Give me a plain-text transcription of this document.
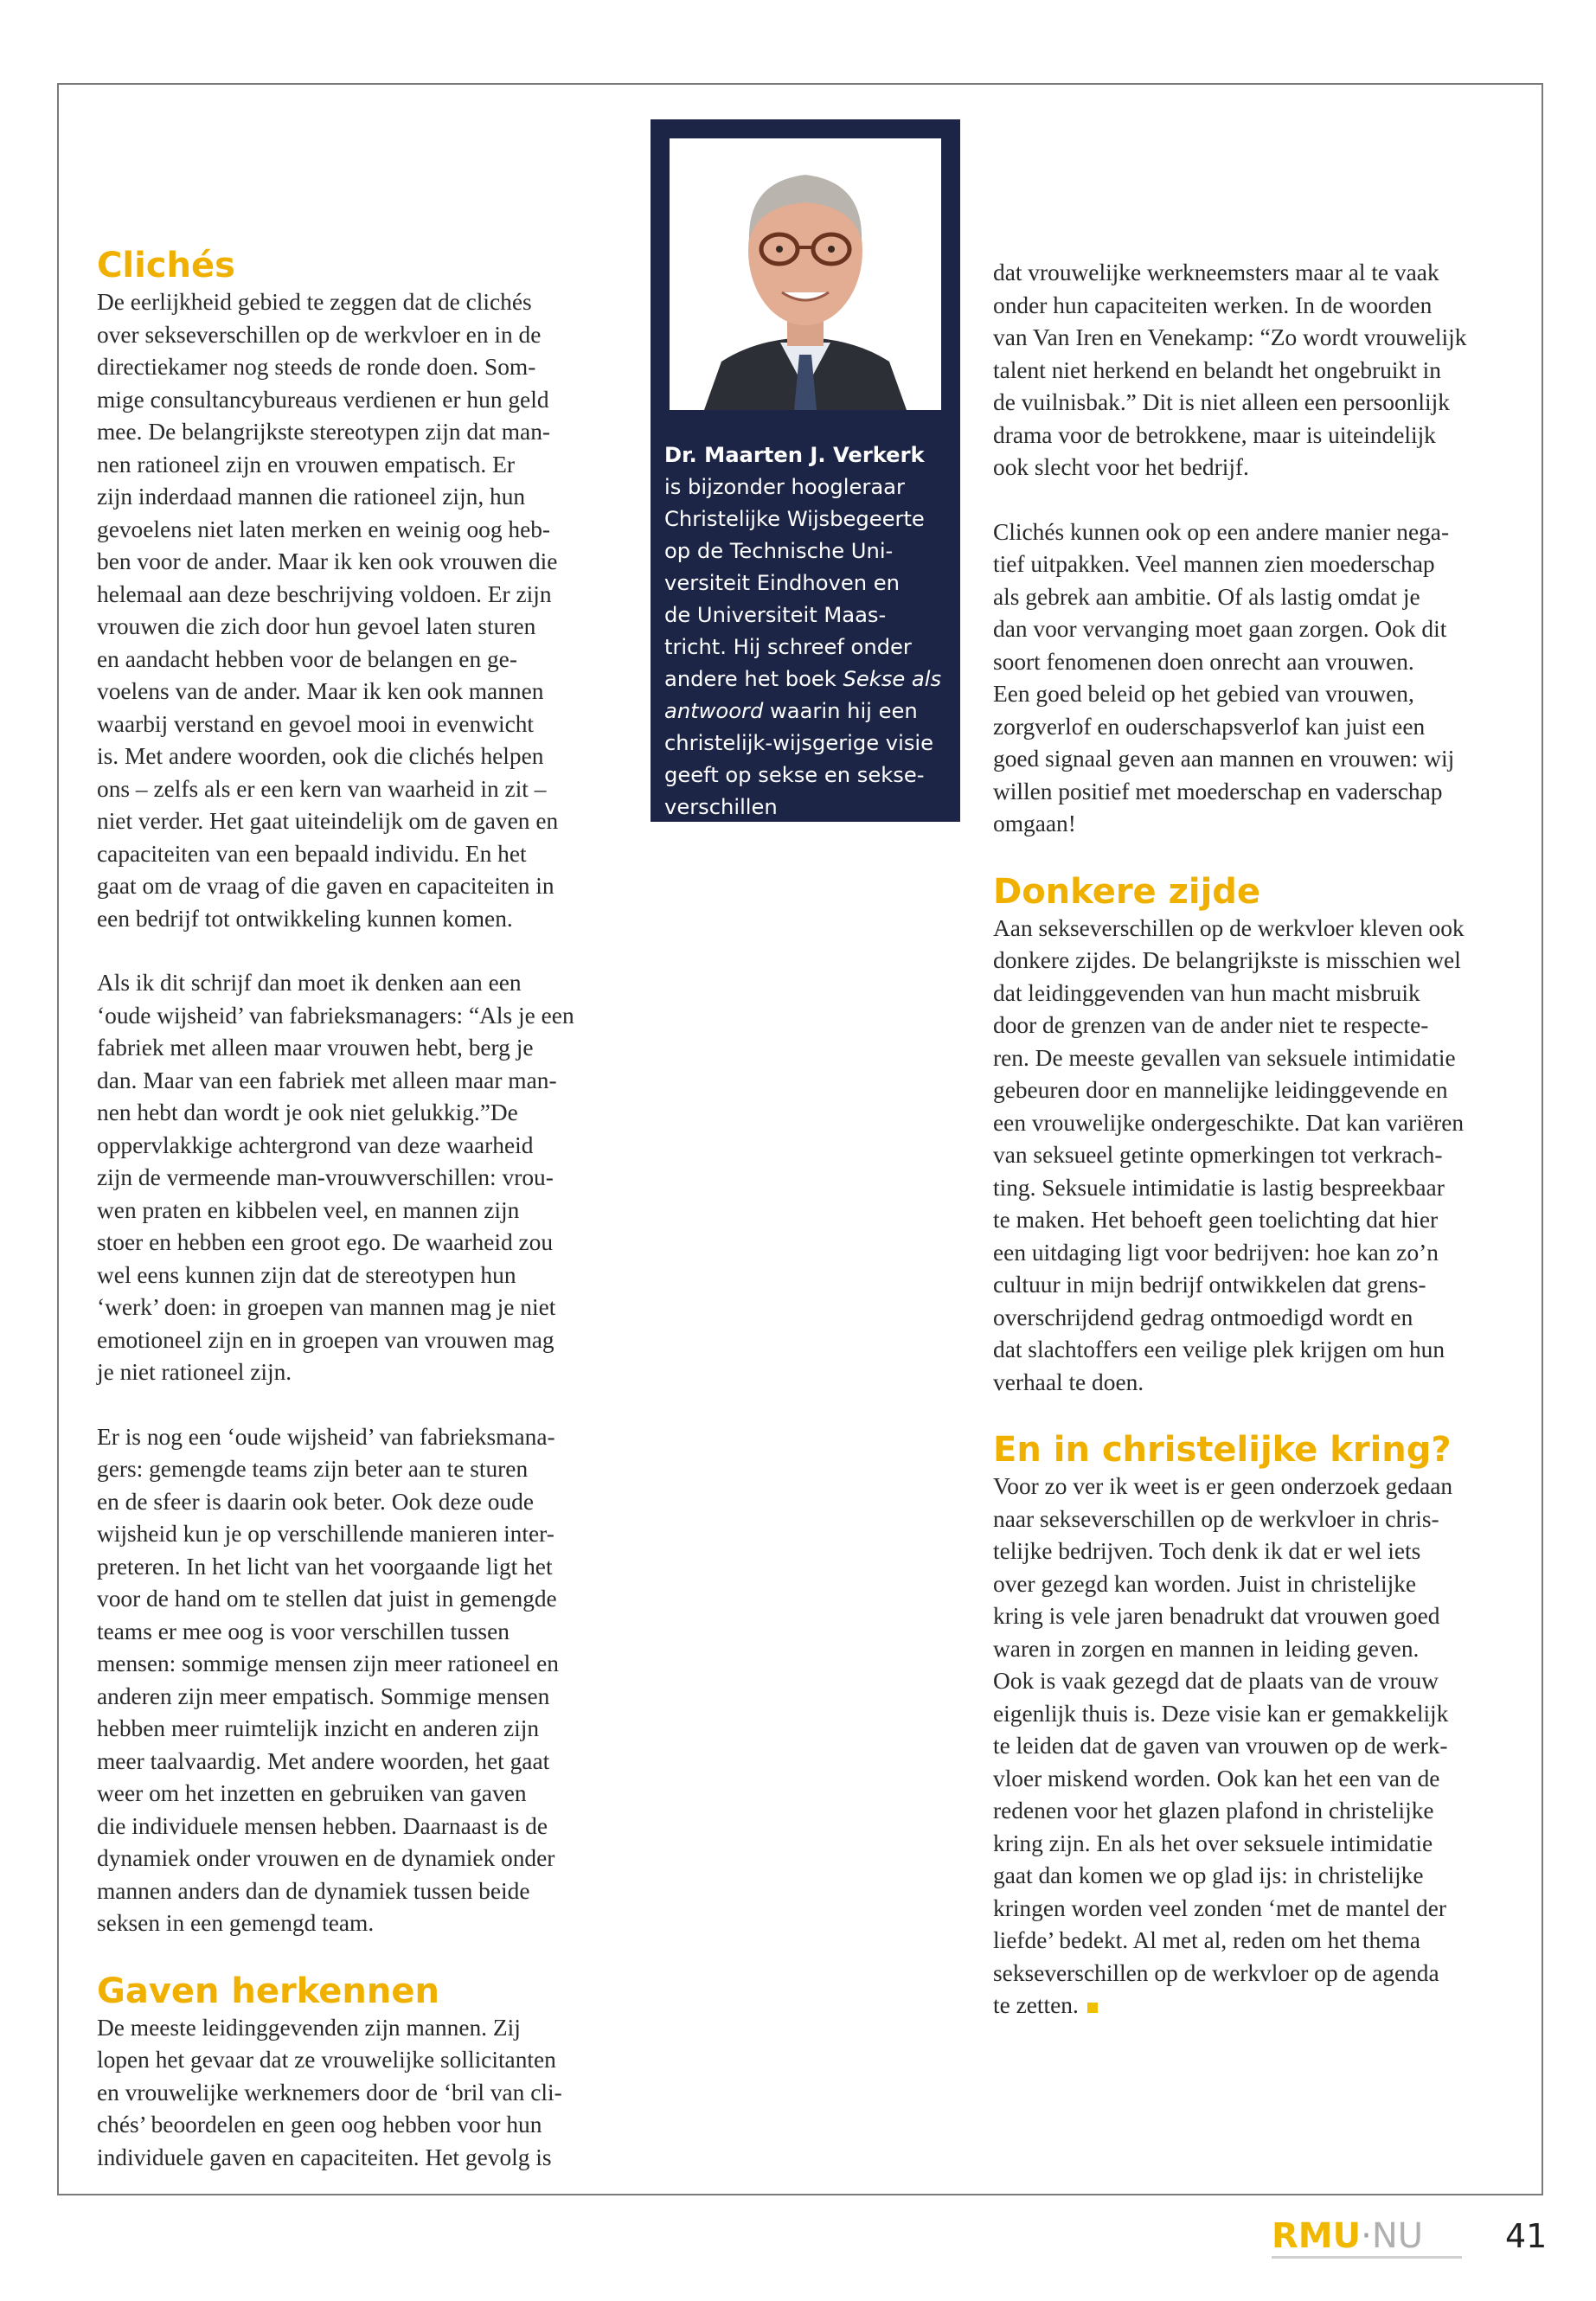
Clichés

De eerlijkheid gebied te zeggen dat de clichés
over sekseverschillen op de werkvloer en in de
directiekamer nog steeds de ronde doen. Som-
mige consultancybureaus verdienen er hun geld
mee. De belangrijkste stereotypen zijn dat man-
nen rationeel zijn en vrouwen empatisch. Er
zijn inderdaad mannen die rationeel zijn, hun
gevoelens niet laten merken en weinig oog heb-
ben voor de ander. Maar ik ken ook vrouwen die
helemaal aan deze beschrijving voldoen. Er zijn
vrouwen die zich door hun gevoel laten sturen
en aandacht hebben voor de belangen en ge-
voelens van de ander. Maar ik ken ook mannen
waarbij verstand en gevoel mooi in evenwicht
is. Met andere woorden, ook die clichés helpen
ons – zelfs als er een kern van waarheid in zit –
niet verder. Het gaat uiteindelijk om de gaven en
capaciteiten van een bepaald individu. En het
gaat om de vraag of die gaven en capaciteiten in
een bedrijf tot ontwikkeling kunnen komen.

Als ik dit schrijf dan moet ik denken aan een
‘oude wijsheid’ van fabrieksmanagers: “Als je een
fabriek met alleen maar vrouwen hebt, berg je
dan. Maar van een fabriek met alleen maar man-
nen hebt dan wordt je ook niet gelukkig.”De
oppervlakkige achtergrond van deze waarheid
zijn de vermeende man-vrouwverschillen: vrou-
wen praten en kibbelen veel, en mannen zijn
stoer en hebben een groot ego. De waarheid zou
wel eens kunnen zijn dat de stereotypen hun
‘werk’ doen: in groepen van mannen mag je niet
emotioneel zijn en in groepen van vrouwen mag
je niet rationeel zijn.

Er is nog een ‘oude wijsheid’ van fabrieksmana-
gers: gemengde teams zijn beter aan te sturen
en de sfeer is daarin ook beter. Ook deze oude
wijsheid kun je op verschillende manieren inter-
preteren. In het licht van het voorgaande ligt het
voor de hand om te stellen dat juist in gemengde
teams er mee oog is voor verschillen tussen
mensen: sommige mensen zijn meer rationeel en
anderen zijn meer empatisch. Sommige mensen
hebben meer ruimtelijk inzicht en anderen zijn
meer taalvaardig. Met andere woorden, het gaat
weer om het inzetten en gebruiken van gaven
die individuele mensen hebben. Daarnaast is de
dynamiek onder vrouwen en de dynamiek onder
mannen anders dan de dynamiek tussen beide
seksen in een gemengd team.

Gaven herkennen

De meeste leidinggevenden zijn mannen. Zij
lopen het gevaar dat ze vrouwelijke sollicitanten
en vrouwelijke werknemers door de ‘bril van cli-
chés’ beoordelen en geen oog hebben voor hun
individuele gaven en capaciteiten. Het gevolg is

Dr. Maarten J. Verkerk
is bijzonder hoogleraar
Christelijke Wijsbegeerte
op de Technische Uni-
versiteit Eindhoven en
de Universiteit Maas-
tricht. Hij schreef onder
andere het boek Sekse als antwoord waarin hij een
christelijk-wijsgerige visie
geeft op sekse en sekse-
verschillen

dat vrouwelijke werkneemsters maar al te vaak
onder hun capaciteiten werken. In de woorden
van Van Iren en Venekamp: “Zo wordt vrouwelijk
talent niet herkend en belandt het ongebruikt in
de vuilnisbak.” Dit is niet alleen een persoonlijk
drama voor de betrokkene, maar is uiteindelijk
ook slecht voor het bedrijf.

Clichés kunnen ook op een andere manier nega-
tief uitpakken. Veel mannen zien moederschap
als gebrek aan ambitie. Of als lastig omdat je
dan voor vervanging moet gaan zorgen. Ook dit
soort fenomenen doen onrecht aan vrouwen.
Een goed beleid op het gebied van vrouwen,
zorgverlof en ouderschapsverlof kan juist een
goed signaal geven aan mannen en vrouwen: wij
willen positief met moederschap en vaderschap
omgaan!

Donkere zijde

Aan sekseverschillen op de werkvloer kleven ook
donkere zijdes. De belangrijkste is misschien wel
dat leidinggevenden van hun macht misbruik
door de grenzen van de ander niet te respecte-
ren. De meeste gevallen van seksuele intimidatie
gebeuren door en mannelijke leidinggevende en
een vrouwelijke ondergeschikte. Dat kan variëren
van seksueel getinte opmerkingen tot verkrach-
ting. Seksuele intimidatie is lastig bespreekbaar
te maken. Het behoeft geen toelichting dat hier
een uitdaging ligt voor bedrijven: hoe kan zo’n
cultuur in mijn bedrijf ontwikkelen dat grens-
overschrijdend gedrag ontmoedigd wordt en
dat slachtoffers een veilige plek krijgen om hun
verhaal te doen.

En in christelijke kring?

Voor zo ver ik weet is er geen onderzoek gedaan
naar sekseverschillen op de werkvloer in chris-
telijke bedrijven. Toch denk ik dat er wel iets
over gezegd kan worden. Juist in christelijke
kring is vele jaren benadrukt dat vrouwen goed
waren in zorgen en mannen in leiding geven.
Ook is vaak gezegd dat de plaats van de vrouw
eigenlijk thuis is. Deze visie kan er gemakkelijk
te leiden dat de gaven van vrouwen op de werk-
vloer miskend worden. Ook kan het een van de
redenen voor het glazen plafond in christelijke
kring zijn. En als het over seksuele intimidatie
gaat dan komen we op glad ijs: in christelijke
kringen worden veel zonden ‘met de mantel der
liefde’ bedekt. Al met al, reden om het thema
sekseverschillen op de werkvloer op de agenda
te zetten.

RMU·NU	41
